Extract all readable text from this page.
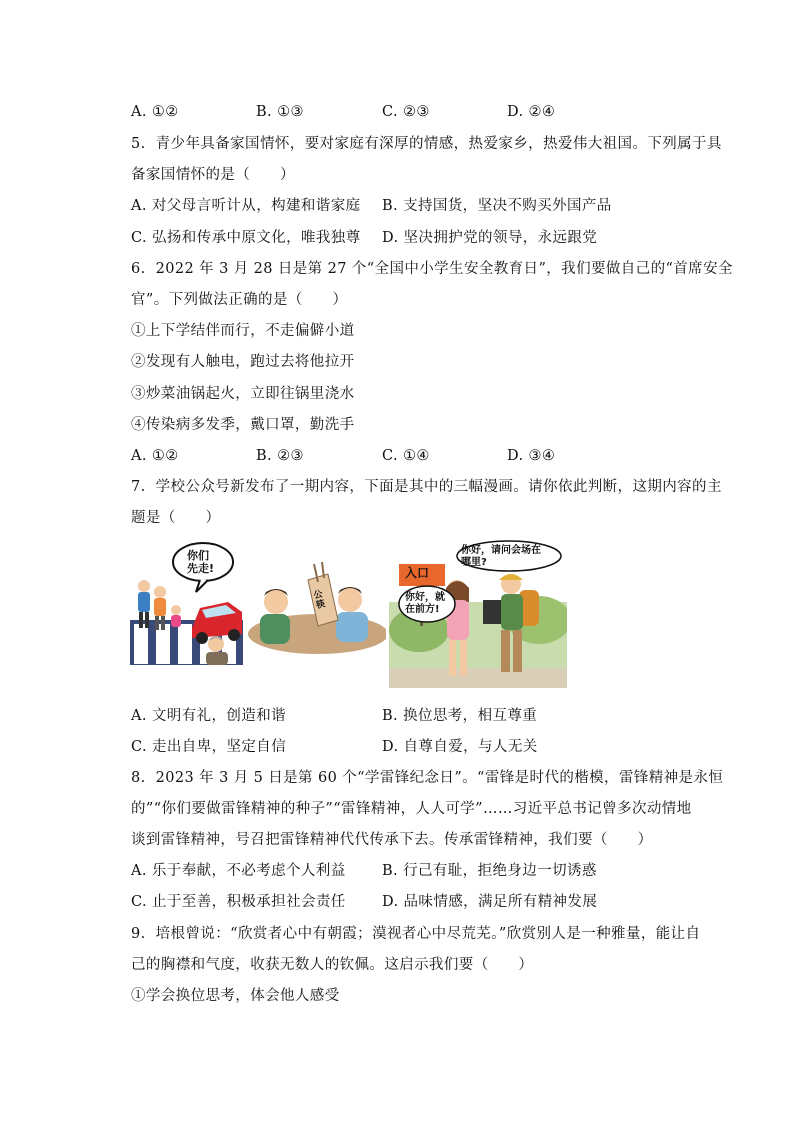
A. ①②	B. ①③	C. ②③	D. ②④
5.  青少年具备家国情怀，要对家庭有深厚的情感，热爱家乡，热爱伟大祖国。下列属于具
备家国情怀的是（　　）
A. 对父母言听计从，构建和谐家庭 B. 支持国货，坚决不购买外国产品
C. 弘扬和传承中原文化，唯我独尊 D. 坚决拥护党的领导，永远跟党
6.  2022 年 3 月 28 日是第 27 个“全国中小学生安全教育日”，我们要做自己的“首席安全
官”。下列做法正确的是（　　）
①上下学结伴而行，不走偏僻小道
②发现有人触电，跑过去将他拉开
③炒菜油锅起火，立即往锅里浇水
④传染病多发季，戴口罩，勤洗手
A. ①②	B. ②③	C. ①④	D. ③④
7.  学校公众号新发布了一期内容，下面是其中的三幅漫画。请你依此判断，这期内容的主
题是（　　）
你们
先走!
公筷
入口
你好，请问会场在
哪里?
你好，就
在前方!
A. 文明有礼，创造和谐	B. 换位思考，相互尊重
C. 走出自卑，坚定自信	D. 自尊自爱，与人无关
8.  2023 年 3 月 5 日是第 60 个“学雷锋纪念日”。“雷锋是时代的楷模，雷锋精神是永恒
的”“你们要做雷锋精神的种子”“雷锋精神，人人可学”……习近平总书记曾多次动情地
谈到雷锋精神，号召把雷锋精神代代传承下去。传承雷锋精神，我们要（　　）
A. 乐于奉献，不必考虑个人利益	B. 行己有耻，拒绝身边一切诱惑
C. 止于至善，积极承担社会责任	D. 品味情感，满足所有精神发展
9.  培根曾说：“欣赏者心中有朝霞；漠视者心中尽荒芜。”欣赏别人是一种雅量，能让自
己的胸襟和气度，收获无数人的钦佩。这启示我们要（　　）
①学会换位思考，体会他人感受
